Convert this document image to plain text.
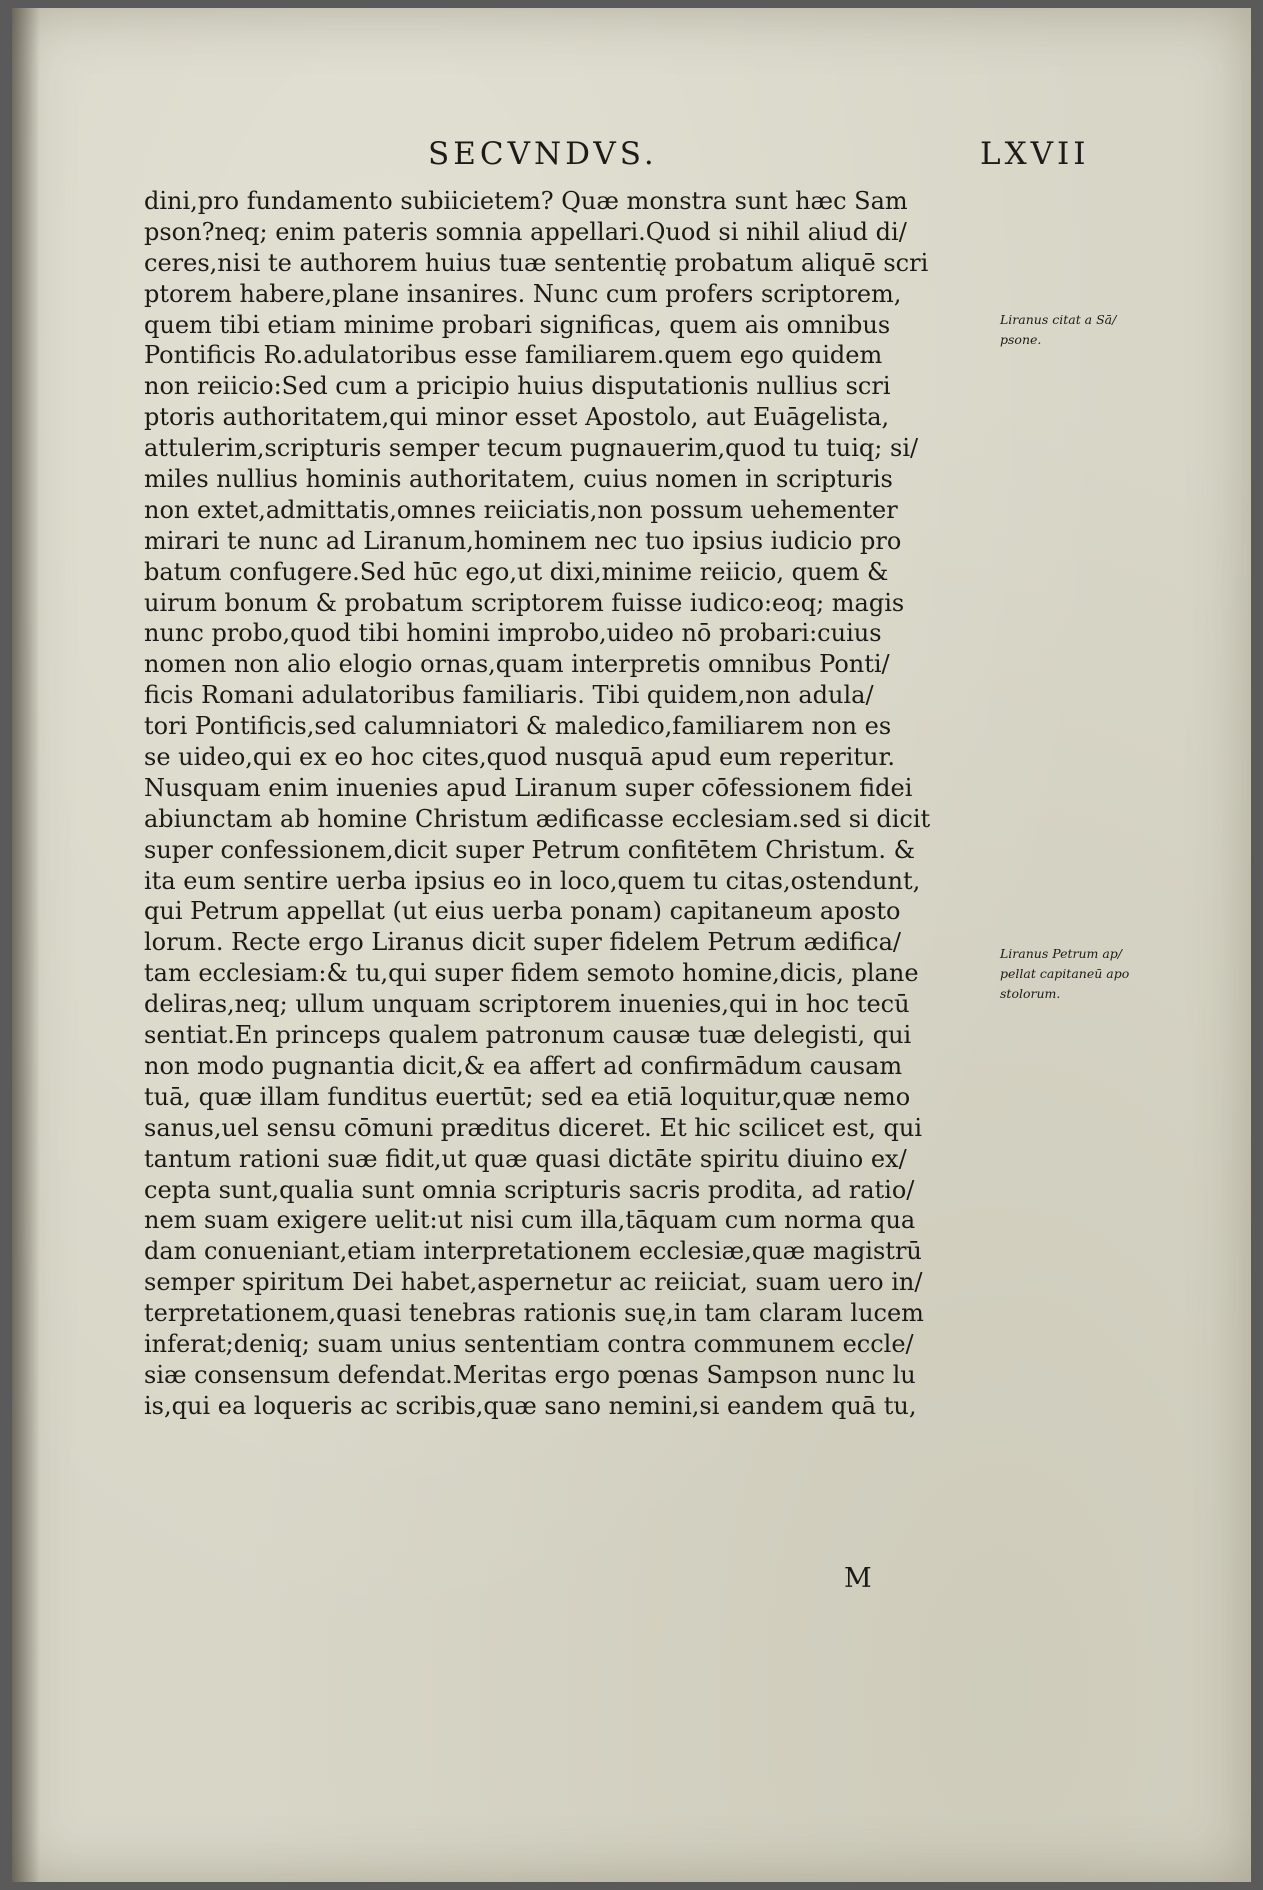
SECVNDVS.	LXVII
dini,pro fundamento subiicietem? Quæ monstra sunt hæc Sam
pson?neq; enim pateris somnia appellari.Quod si nihil aliud di/
ceres,nisi te authorem huius tuæ sententię probatum aliquē scri
ptorem habere,plane insanires. Nunc cum profers scriptorem,
quem tibi etiam minime probari significas, quem ais omnibus
Pontificis Ro.adulatoribus esse familiarem.quem ego quidem
non reiicio:Sed cum a pricipio huius disputationis nullius scri
ptoris authoritatem,qui minor esset Apostolo, aut Euāgelista,
attulerim,scripturis semper tecum pugnauerim,quod tu tuiq; si/
miles nullius hominis authoritatem, cuius nomen in scripturis
non extet,admittatis,omnes reiiciatis,non possum uehementer
mirari te nunc ad Liranum,hominem nec tuo ipsius iudicio pro
batum confugere.Sed hūc ego,ut dixi,minime reiicio, quem &
uirum bonum & probatum scriptorem fuisse iudico:eoq; magis
nunc probo,quod tibi homini improbo,uideo nō probari:cuius
nomen non alio elogio ornas,quam interpretis omnibus Ponti/
ficis Romani adulatoribus familiaris. Tibi quidem,non adula/
tori Pontificis,sed calumniatori & maledico,familiarem non es
se uideo,qui ex eo hoc cites,quod nusquā apud eum reperitur.
Nusquam enim inuenies apud Liranum super cōfessionem fidei
abiunctam ab homine Christum ædificasse ecclesiam.sed si dicit
super confessionem,dicit super Petrum confitētem Christum. &
ita eum sentire uerba ipsius eo in loco,quem tu citas,ostendunt,
qui Petrum appellat (ut eius uerba ponam) capitaneum aposto
lorum. Recte ergo Liranus dicit super fidelem Petrum ædifica/
tam ecclesiam:& tu,qui super fidem semoto homine,dicis, plane
deliras,neq; ullum unquam scriptorem inuenies,qui in hoc tecū
sentiat.En princeps qualem patronum causæ tuæ delegisti, qui
non modo pugnantia dicit,& ea affert ad confirmādum causam
tuā, quæ illam funditus euertūt; sed ea etiā loquitur,quæ nemo
sanus,uel sensu cōmuni præditus diceret. Et hic scilicet est, qui
tantum rationi suæ fidit,ut quæ quasi dictāte spiritu diuino ex/
cepta sunt,qualia sunt omnia scripturis sacris prodita, ad ratio/
nem suam exigere uelit:ut nisi cum illa,tāquam cum norma qua
dam conueniant,etiam interpretationem ecclesiæ,quæ magistrū
semper spiritum Dei habet,aspernetur ac reiiciat, suam uero in/
terpretationem,quasi tenebras rationis suę,in tam claram lucem
inferat;deniq; suam unius sententiam contra communem eccle/
siæ consensum defendat.Meritas ergo pœnas Sampson nunc lu
is,qui ea loqueris ac scribis,quæ sano nemini,si eandem quā tu,
M
Liranus citat a Sā/
psone.
Liranus Petrum ap/
pellat capitaneū apo
stolorum.
